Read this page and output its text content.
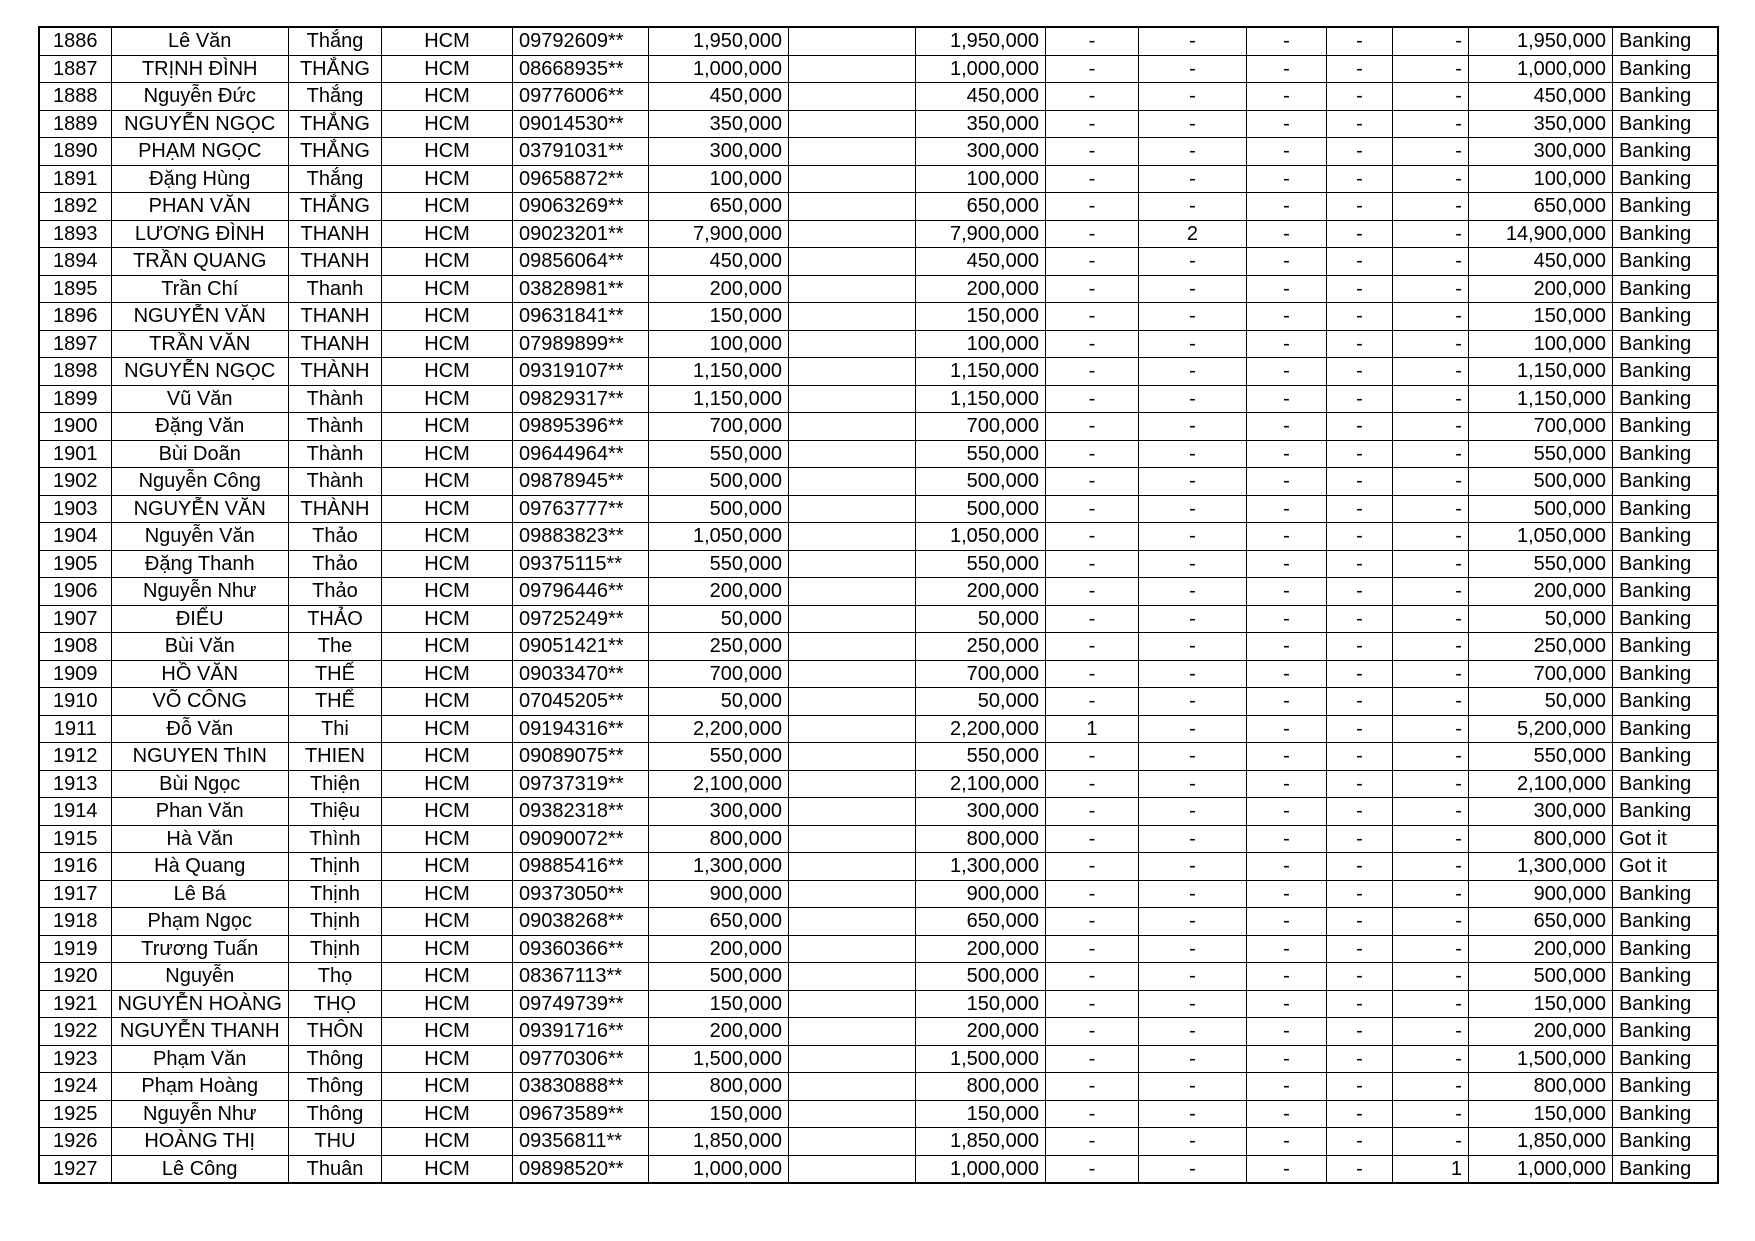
1886	Lê Văn	Thắng	HCM	09792609**	1,950,000		1,950,000	-	-	-	-	-	1,950,000	Banking
1887	TRỊNH ĐÌNH	THẮNG	HCM	08668935**	1,000,000		1,000,000	-	-	-	-	-	1,000,000	Banking
1888	Nguyễn Đức	Thắng	HCM	09776006**	450,000		450,000	-	-	-	-	-	450,000	Banking
1889	NGUYỄN NGỌC	THẮNG	HCM	09014530**	350,000		350,000	-	-	-	-	-	350,000	Banking
1890	PHẠM NGỌC	THẮNG	HCM	03791031**	300,000		300,000	-	-	-	-	-	300,000	Banking
1891	Đặng Hùng	Thắng	HCM	09658872**	100,000		100,000	-	-	-	-	-	100,000	Banking
1892	PHAN VĂN	THẮNG	HCM	09063269**	650,000		650,000	-	-	-	-	-	650,000	Banking
1893	LƯƠNG ĐÌNH	THANH	HCM	09023201**	7,900,000		7,900,000	-	2	-	-	-	14,900,000	Banking
1894	TRẦN QUANG	THANH	HCM	09856064**	450,000		450,000	-	-	-	-	-	450,000	Banking
1895	Trần Chí	Thanh	HCM	03828981**	200,000		200,000	-	-	-	-	-	200,000	Banking
1896	NGUYỄN VĂN	THANH	HCM	09631841**	150,000		150,000	-	-	-	-	-	150,000	Banking
1897	TRẦN VĂN	THANH	HCM	07989899**	100,000		100,000	-	-	-	-	-	100,000	Banking
1898	NGUYỄN NGỌC	THÀNH	HCM	09319107**	1,150,000		1,150,000	-	-	-	-	-	1,150,000	Banking
1899	Vũ Văn	Thành	HCM	09829317**	1,150,000		1,150,000	-	-	-	-	-	1,150,000	Banking
1900	Đặng Văn	Thành	HCM	09895396**	700,000		700,000	-	-	-	-	-	700,000	Banking
1901	Bùi Doãn	Thành	HCM	09644964**	550,000		550,000	-	-	-	-	-	550,000	Banking
1902	Nguyễn Công	Thành	HCM	09878945**	500,000		500,000	-	-	-	-	-	500,000	Banking
1903	NGUYỄN VĂN	THÀNH	HCM	09763777**	500,000		500,000	-	-	-	-	-	500,000	Banking
1904	Nguyễn Văn	Thảo	HCM	09883823**	1,050,000		1,050,000	-	-	-	-	-	1,050,000	Banking
1905	Đặng Thanh	Thảo	HCM	09375115**	550,000		550,000	-	-	-	-	-	550,000	Banking
1906	Nguyễn Như	Thảo	HCM	09796446**	200,000		200,000	-	-	-	-	-	200,000	Banking
1907	ĐIỂU	THẢO	HCM	09725249**	50,000		50,000	-	-	-	-	-	50,000	Banking
1908	Bùi Văn	The	HCM	09051421**	250,000		250,000	-	-	-	-	-	250,000	Banking
1909	HỒ VĂN	THẾ	HCM	09033470**	700,000		700,000	-	-	-	-	-	700,000	Banking
1910	VÕ CÔNG	THỂ	HCM	07045205**	50,000		50,000	-	-	-	-	-	50,000	Banking
1911	Đỗ Văn	Thi	HCM	09194316**	2,200,000		2,200,000	1	-	-	-	-	5,200,000	Banking
1912	NGUYEN ThIN	THIEN	HCM	09089075**	550,000		550,000	-	-	-	-	-	550,000	Banking
1913	Bùi Ngọc	Thiện	HCM	09737319**	2,100,000		2,100,000	-	-	-	-	-	2,100,000	Banking
1914	Phan Văn	Thiệu	HCM	09382318**	300,000		300,000	-	-	-	-	-	300,000	Banking
1915	Hà Văn	Thình	HCM	09090072**	800,000		800,000	-	-	-	-	-	800,000	Got it
1916	Hà Quang	Thịnh	HCM	09885416**	1,300,000		1,300,000	-	-	-	-	-	1,300,000	Got it
1917	Lê Bá	Thịnh	HCM	09373050**	900,000		900,000	-	-	-	-	-	900,000	Banking
1918	Phạm Ngọc	Thịnh	HCM	09038268**	650,000		650,000	-	-	-	-	-	650,000	Banking
1919	Trương Tuấn	Thịnh	HCM	09360366**	200,000		200,000	-	-	-	-	-	200,000	Banking
1920	Nguyễn	Thọ	HCM	08367113**	500,000		500,000	-	-	-	-	-	500,000	Banking
1921	NGUYỄN HOÀNG	THỌ	HCM	09749739**	150,000		150,000	-	-	-	-	-	150,000	Banking
1922	NGUYỄN THANH	THÔN	HCM	09391716**	200,000		200,000	-	-	-	-	-	200,000	Banking
1923	Phạm Văn	Thông	HCM	09770306**	1,500,000		1,500,000	-	-	-	-	-	1,500,000	Banking
1924	Phạm Hoàng	Thông	HCM	03830888**	800,000		800,000	-	-	-	-	-	800,000	Banking
1925	Nguyễn Như	Thông	HCM	09673589**	150,000		150,000	-	-	-	-	-	150,000	Banking
1926	HOÀNG THỊ	THU	HCM	09356811**	1,850,000		1,850,000	-	-	-	-	-	1,850,000	Banking
1927	Lê Công	Thuân	HCM	09898520**	1,000,000		1,000,000	-	-	-	-	1	1,000,000	Banking
